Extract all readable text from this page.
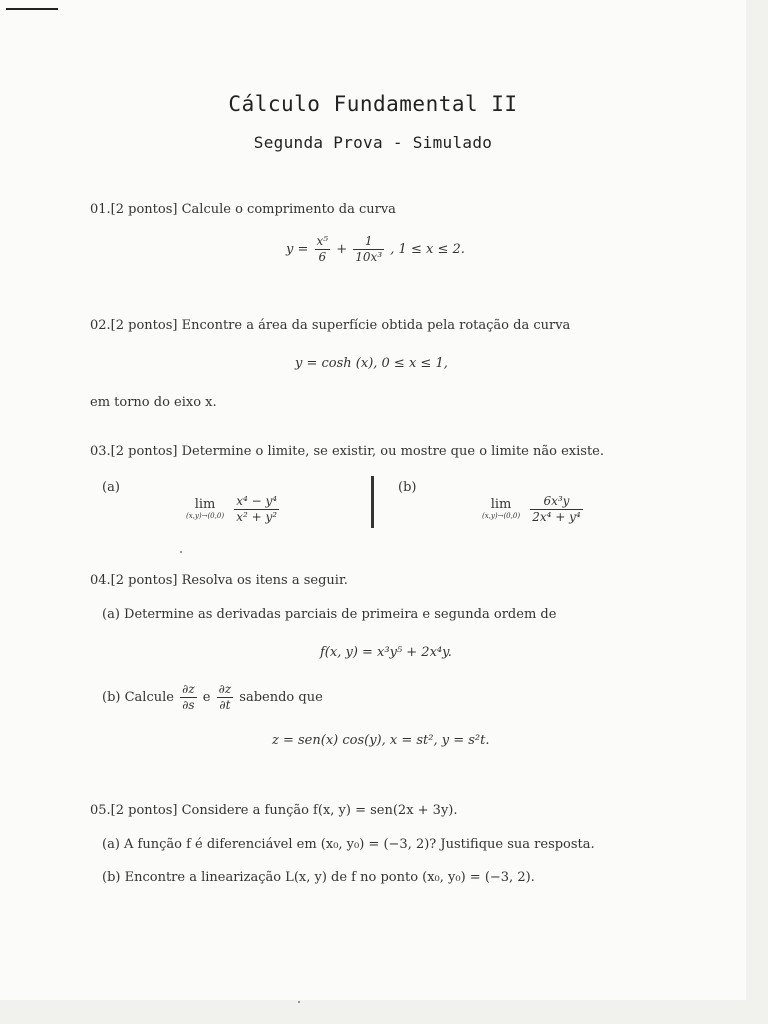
Cálculo Fundamental II
Segunda Prova - Simulado
01.[2 pontos] Calcule o comprimento da curva
$y = \frac{\text{x⁵}}{6} + \frac{1}{\text{10x³}}$ , 1 ≤ x ≤ 2.
02.[2 pontos] Encontre a área da superfície obtida pela rotação da curva
y = cosh (x), 0 ≤ x ≤ 1,
em torno do eixo x.
03.[2 pontos] Determine o limite, se existir, ou mostre que o limite não existe.
(a)
lim
(x,y)→(0,0)
$\frac{\text{x⁴ − y⁴}}{\text{x² + y²}}$
(b)
lim
(x,y)→(0,0)
$\frac{\text{6x³y}}{\text{2x⁴ + y⁴}}$
04.[2 pontos] Resolva os itens a seguir.
(a) Determine as derivadas parciais de primeira e segunda ordem de
f(x, y) = x³y⁵ + 2x⁴y.
(b) Calcule $\frac{\partial z}{\partial s}$ e $\frac{\partial z}{\partial t}$ sabendo que
z = sen(x) cos(y), x = st², y = s²t.
05.[2 pontos] Considere a função f(x, y) = sen(2x + 3y).
(a) A função f é diferenciável em (x₀, y₀) = (−3, 2)? Justifique sua resposta.
(b) Encontre a linearização L(x, y) de f no ponto (x₀, y₀) = (−3, 2).
